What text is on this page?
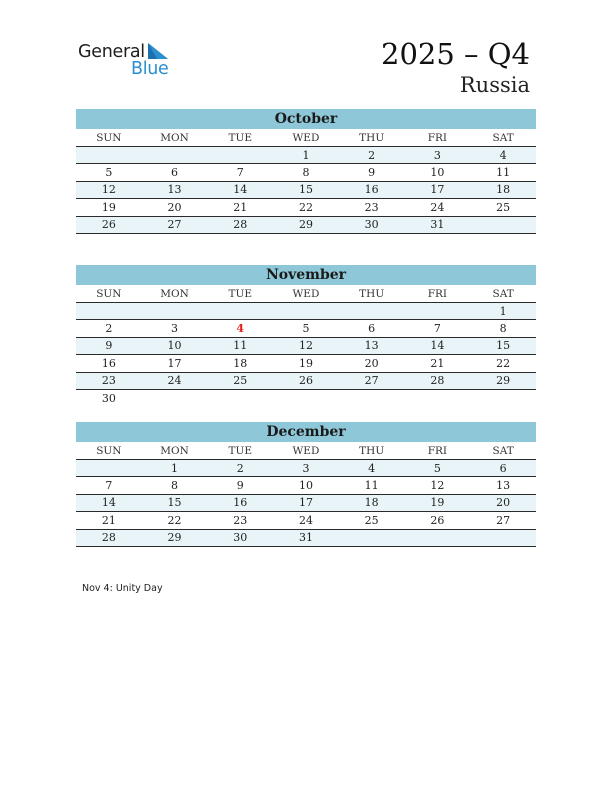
General
Blue	2025 – Q4
Russia
October
SUN	MON	TUE	WED	THU	FRI	SAT
			1	2	3	4
5	6	7	8	9	10	11
12	13	14	15	16	17	18
19	20	21	22	23	24	25
26	27	28	29	30	31	
November
SUN	MON	TUE	WED	THU	FRI	SAT
						1
2	3	4	5	6	7	8
9	10	11	12	13	14	15
16	17	18	19	20	21	22
23	24	25	26	27	28	29
30						
December
SUN	MON	TUE	WED	THU	FRI	SAT
	1	2	3	4	5	6
7	8	9	10	11	12	13
14	15	16	17	18	19	20
21	22	23	24	25	26	27
28	29	30	31			
Nov 4: Unity Day
